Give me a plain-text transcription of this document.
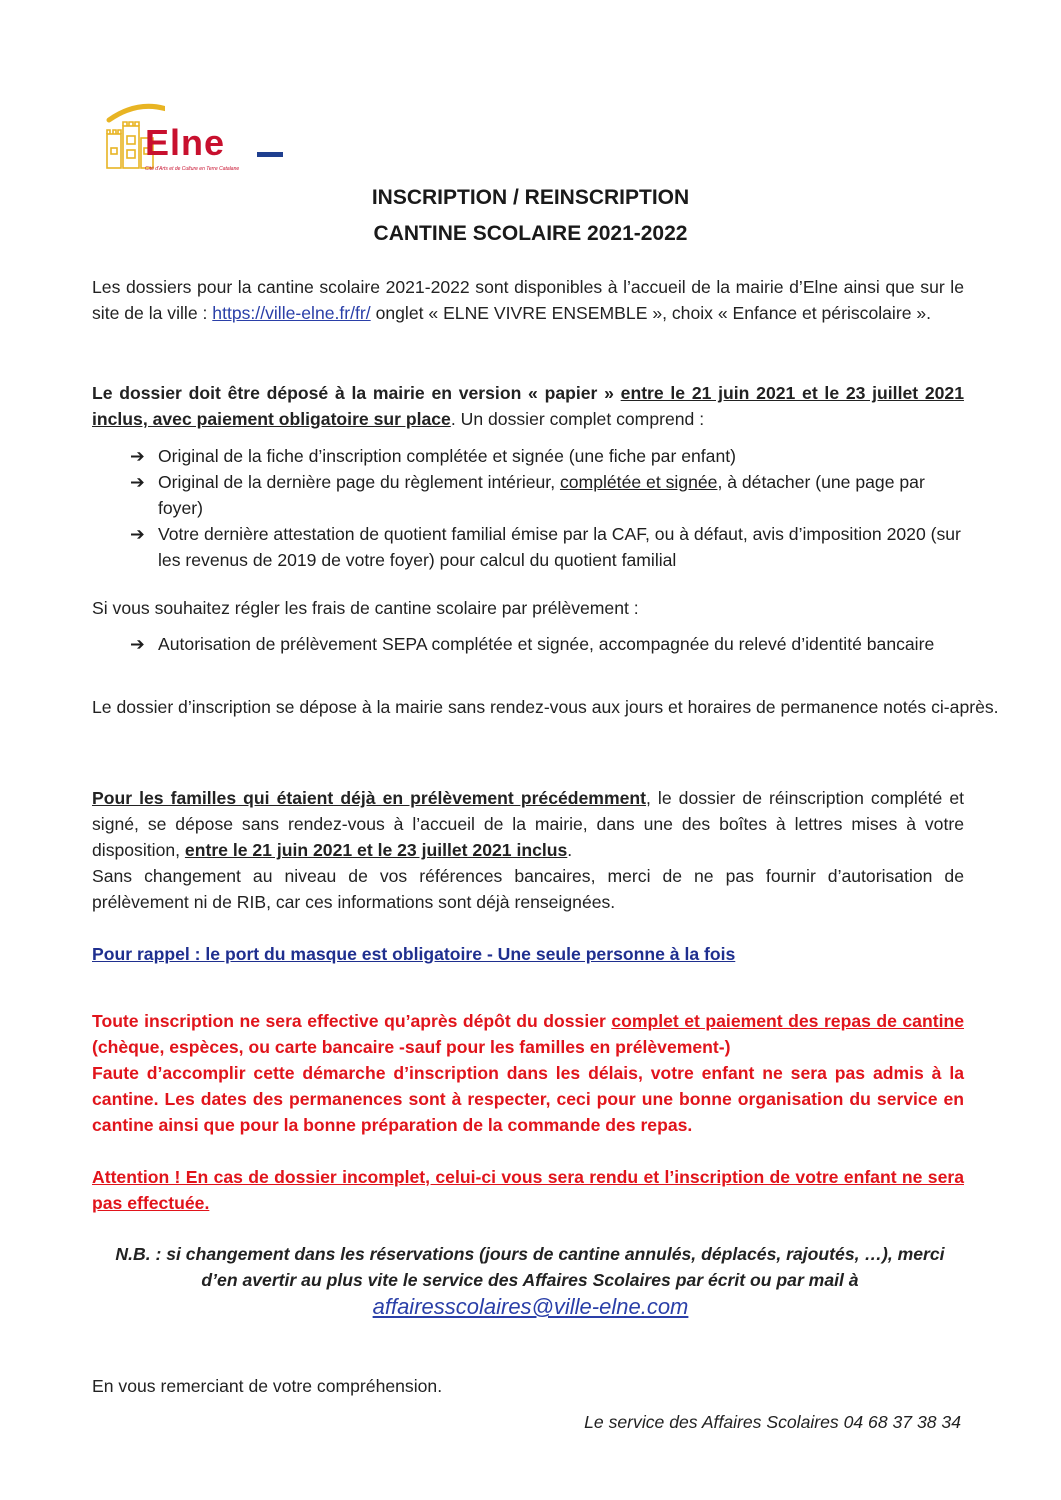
Elne
Cité d'Arts et de Culture en Terre Catalane
INSCRIPTION / REINSCRIPTION
CANTINE SCOLAIRE 2021-2022
Les dossiers pour la cantine scolaire 2021-2022 sont disponibles à l’accueil de la mairie d’Elne ainsi que sur le site de la ville : https://ville-elne.fr/fr/ onglet « ELNE VIVRE ENSEMBLE », choix « Enfance et périscolaire ».
Le dossier doit être déposé à la mairie en version « papier » entre le 21 juin 2021 et le 23 juillet 2021 inclus, avec paiement obligatoire sur place. Un dossier complet comprend :
➔ Original de la fiche d’inscription complétée et signée (une fiche par enfant)
➔ Original de la dernière page du règlement intérieur, complétée et signée, à détacher (une page par foyer)
➔ Votre dernière attestation de quotient familial émise par la CAF, ou à défaut, avis d’imposition 2020 (sur les revenus de 2019 de votre foyer) pour calcul du quotient familial
Si vous souhaitez régler les frais de cantine scolaire par prélèvement :
➔ Autorisation de prélèvement SEPA complétée et signée, accompagnée du relevé d’identité bancaire
Le dossier d’inscription se dépose à la mairie sans rendez-vous aux jours et horaires de permanence notés ci-après.
Pour les familles qui étaient déjà en prélèvement précédemment, le dossier de réinscription complété et signé, se dépose sans rendez-vous à l’accueil de la mairie, dans une des boîtes à lettres mises à votre disposition, entre le 21 juin 2021 et le 23 juillet 2021 inclus.
Sans changement au niveau de vos références bancaires, merci de ne pas fournir d’autorisation de prélèvement ni de RIB, car ces informations sont déjà renseignées.
Pour rappel : le port du masque est obligatoire - Une seule personne à la fois
Toute inscription ne sera effective qu’après dépôt du dossier complet et paiement des repas de cantine (chèque, espèces, ou carte bancaire -sauf pour les familles en prélèvement-)
Faute d’accomplir cette démarche d’inscription dans les délais, votre enfant ne sera pas admis à la cantine. Les dates des permanences sont à respecter, ceci pour une bonne organisation du service en cantine ainsi que pour la bonne préparation de la commande des repas.
Attention ! En cas de dossier incomplet, celui-ci vous sera rendu et l’inscription de votre enfant ne sera pas effectuée.
N.B. : si changement dans les réservations (jours de cantine annulés, déplacés, rajoutés, …), merci
d’en avertir au plus vite le service des Affaires Scolaires par écrit ou par mail à
affairesscolaires@ville-elne.com
En vous remerciant de votre compréhension.
Le service des Affaires Scolaires 04 68 37 38 34
